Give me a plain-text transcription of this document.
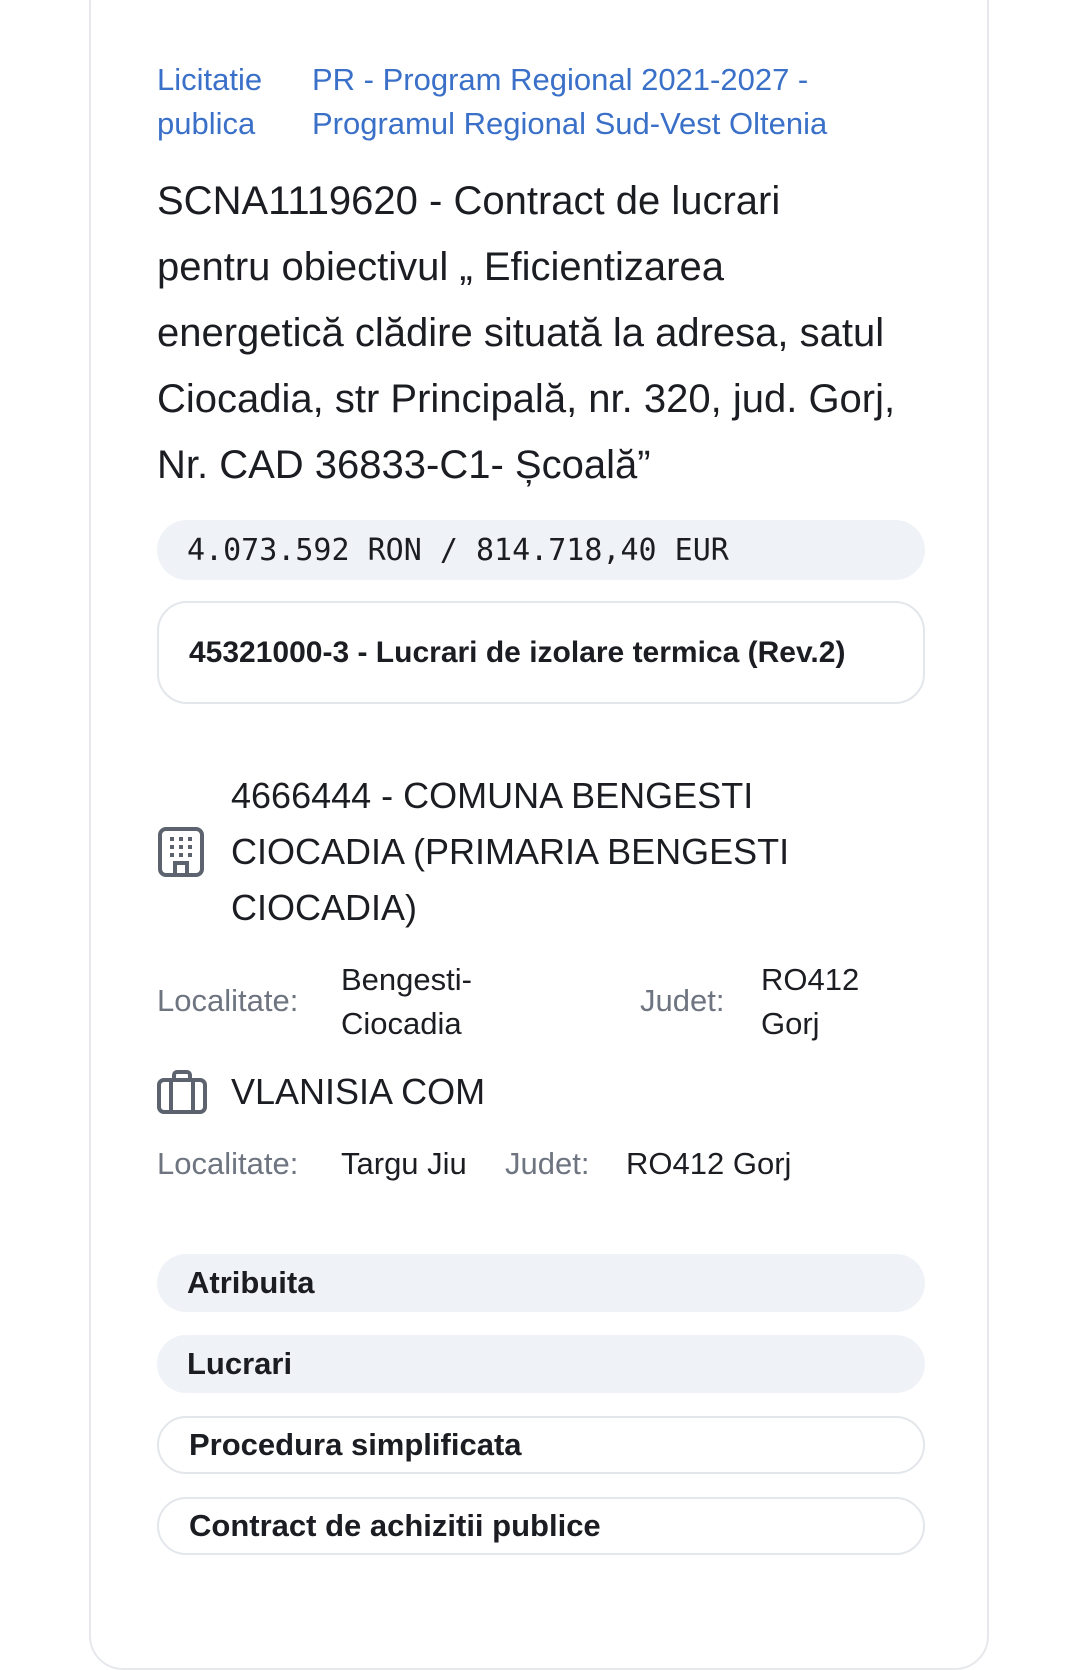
Licitatie publica
PR - Program Regional 2021-2027 - Programul Regional Sud-Vest Oltenia
SCNA1119620 - Contract de lucrari pentru obiectivul „ Eficientizarea energetică clădire situată la adresa, satul Ciocadia, str Principală, nr. 320, jud. Gorj, Nr. CAD 36833-C1- Școală”
4.073.592 RON / 814.718,40 EUR
45321000-3 - Lucrari de izolare termica (Rev.2)
4666444 - COMUNA BENGESTI CIOCADIA (PRIMARIA BENGESTI CIOCADIA)
Localitate:
Bengesti-Ciocadia
Judet:
RO412 Gorj
VLANISIA COM
Localitate: Targu Jiu Judet: RO412 Gorj
Atribuita
Lucrari
Procedura simplificata
Contract de achizitii publice
